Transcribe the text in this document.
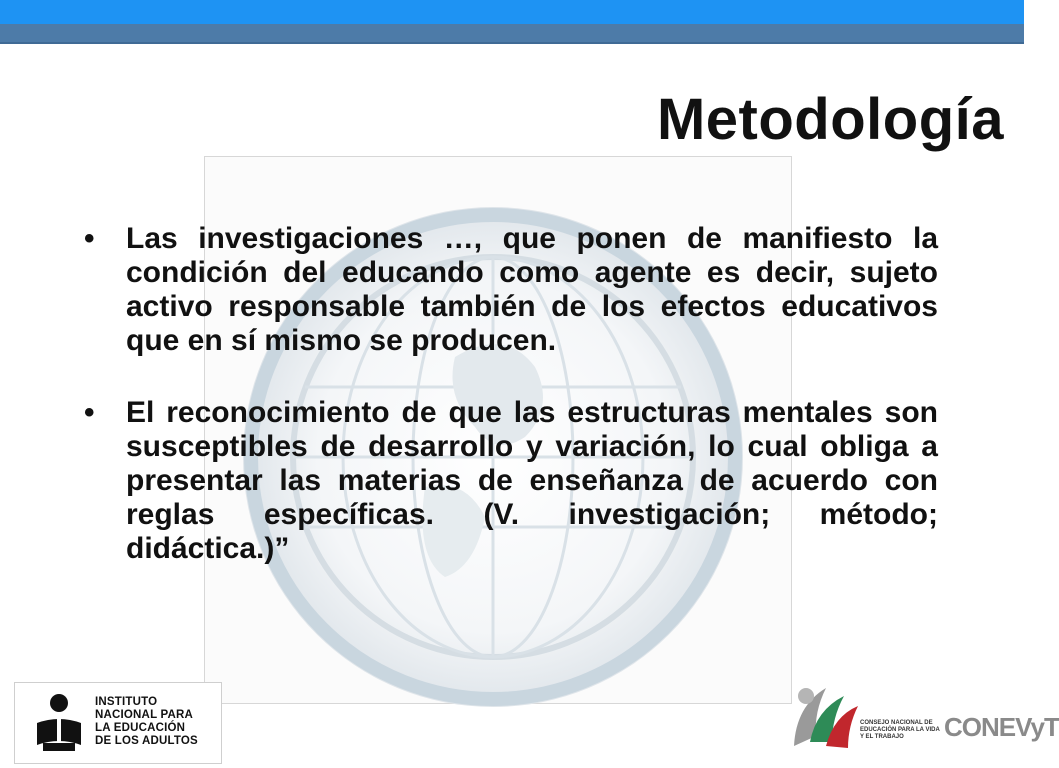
Metodología
• Las investigaciones …, que ponen de manifiesto la condición del educando como agente es decir, sujeto activo responsable también de los efectos educativos que en sí mismo se producen.
• El reconocimiento de que las estructuras mentales son susceptibles de desarrollo y variación, lo cual obliga a presentar las materias de enseñanza de acuerdo con reglas específicas. (V. investigación; método; didáctica.)”
INSTITUTO
NACIONAL PARA
LA EDUCACIÓN
DE LOS ADULTOS
CONSEJO NACIONAL DE EDUCACIÓN PARA LA VIDA Y EL TRABAJO	CONEVyT
